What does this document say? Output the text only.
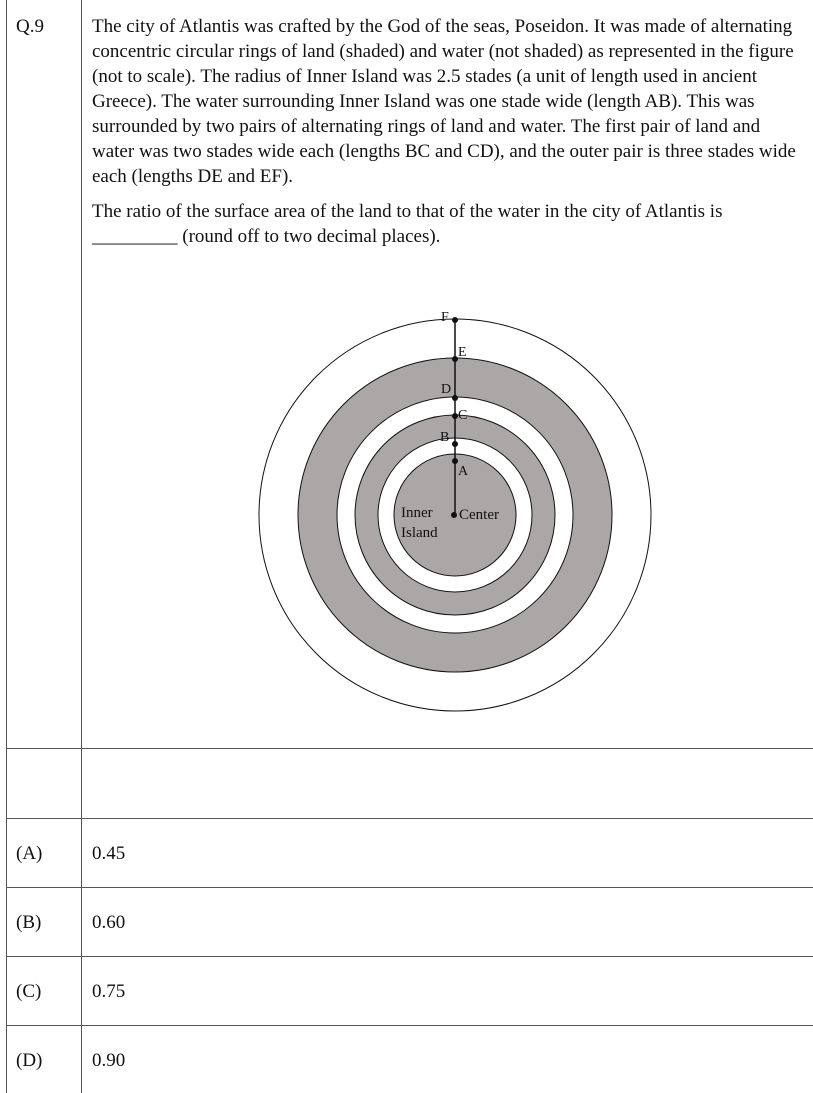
Q.9	The city of Atlantis was crafted by the God of the seas, Poseidon. It was made of alternating concentric circular rings of land (shaded) and water (not shaded) as represented in the figure (not to scale). The radius of Inner Island was 2.5 stades (a unit of length used in ancient Greece). The water surrounding Inner Island was one stade wide (length AB). This was surrounded by two pairs of alternating rings of land and water. The first pair of land and water was two stades wide each (lengths BC and CD), and the outer pair is three stades wide each (lengths DE and EF).

The ratio of the surface area of the land to that of the water in the city of Atlantis is _________ (round off to two decimal places).

F
E
D
C
B
A
Inner
Island
Center
(A)	0.45
(B)	0.60
(C)	0.75
(D)	0.90
